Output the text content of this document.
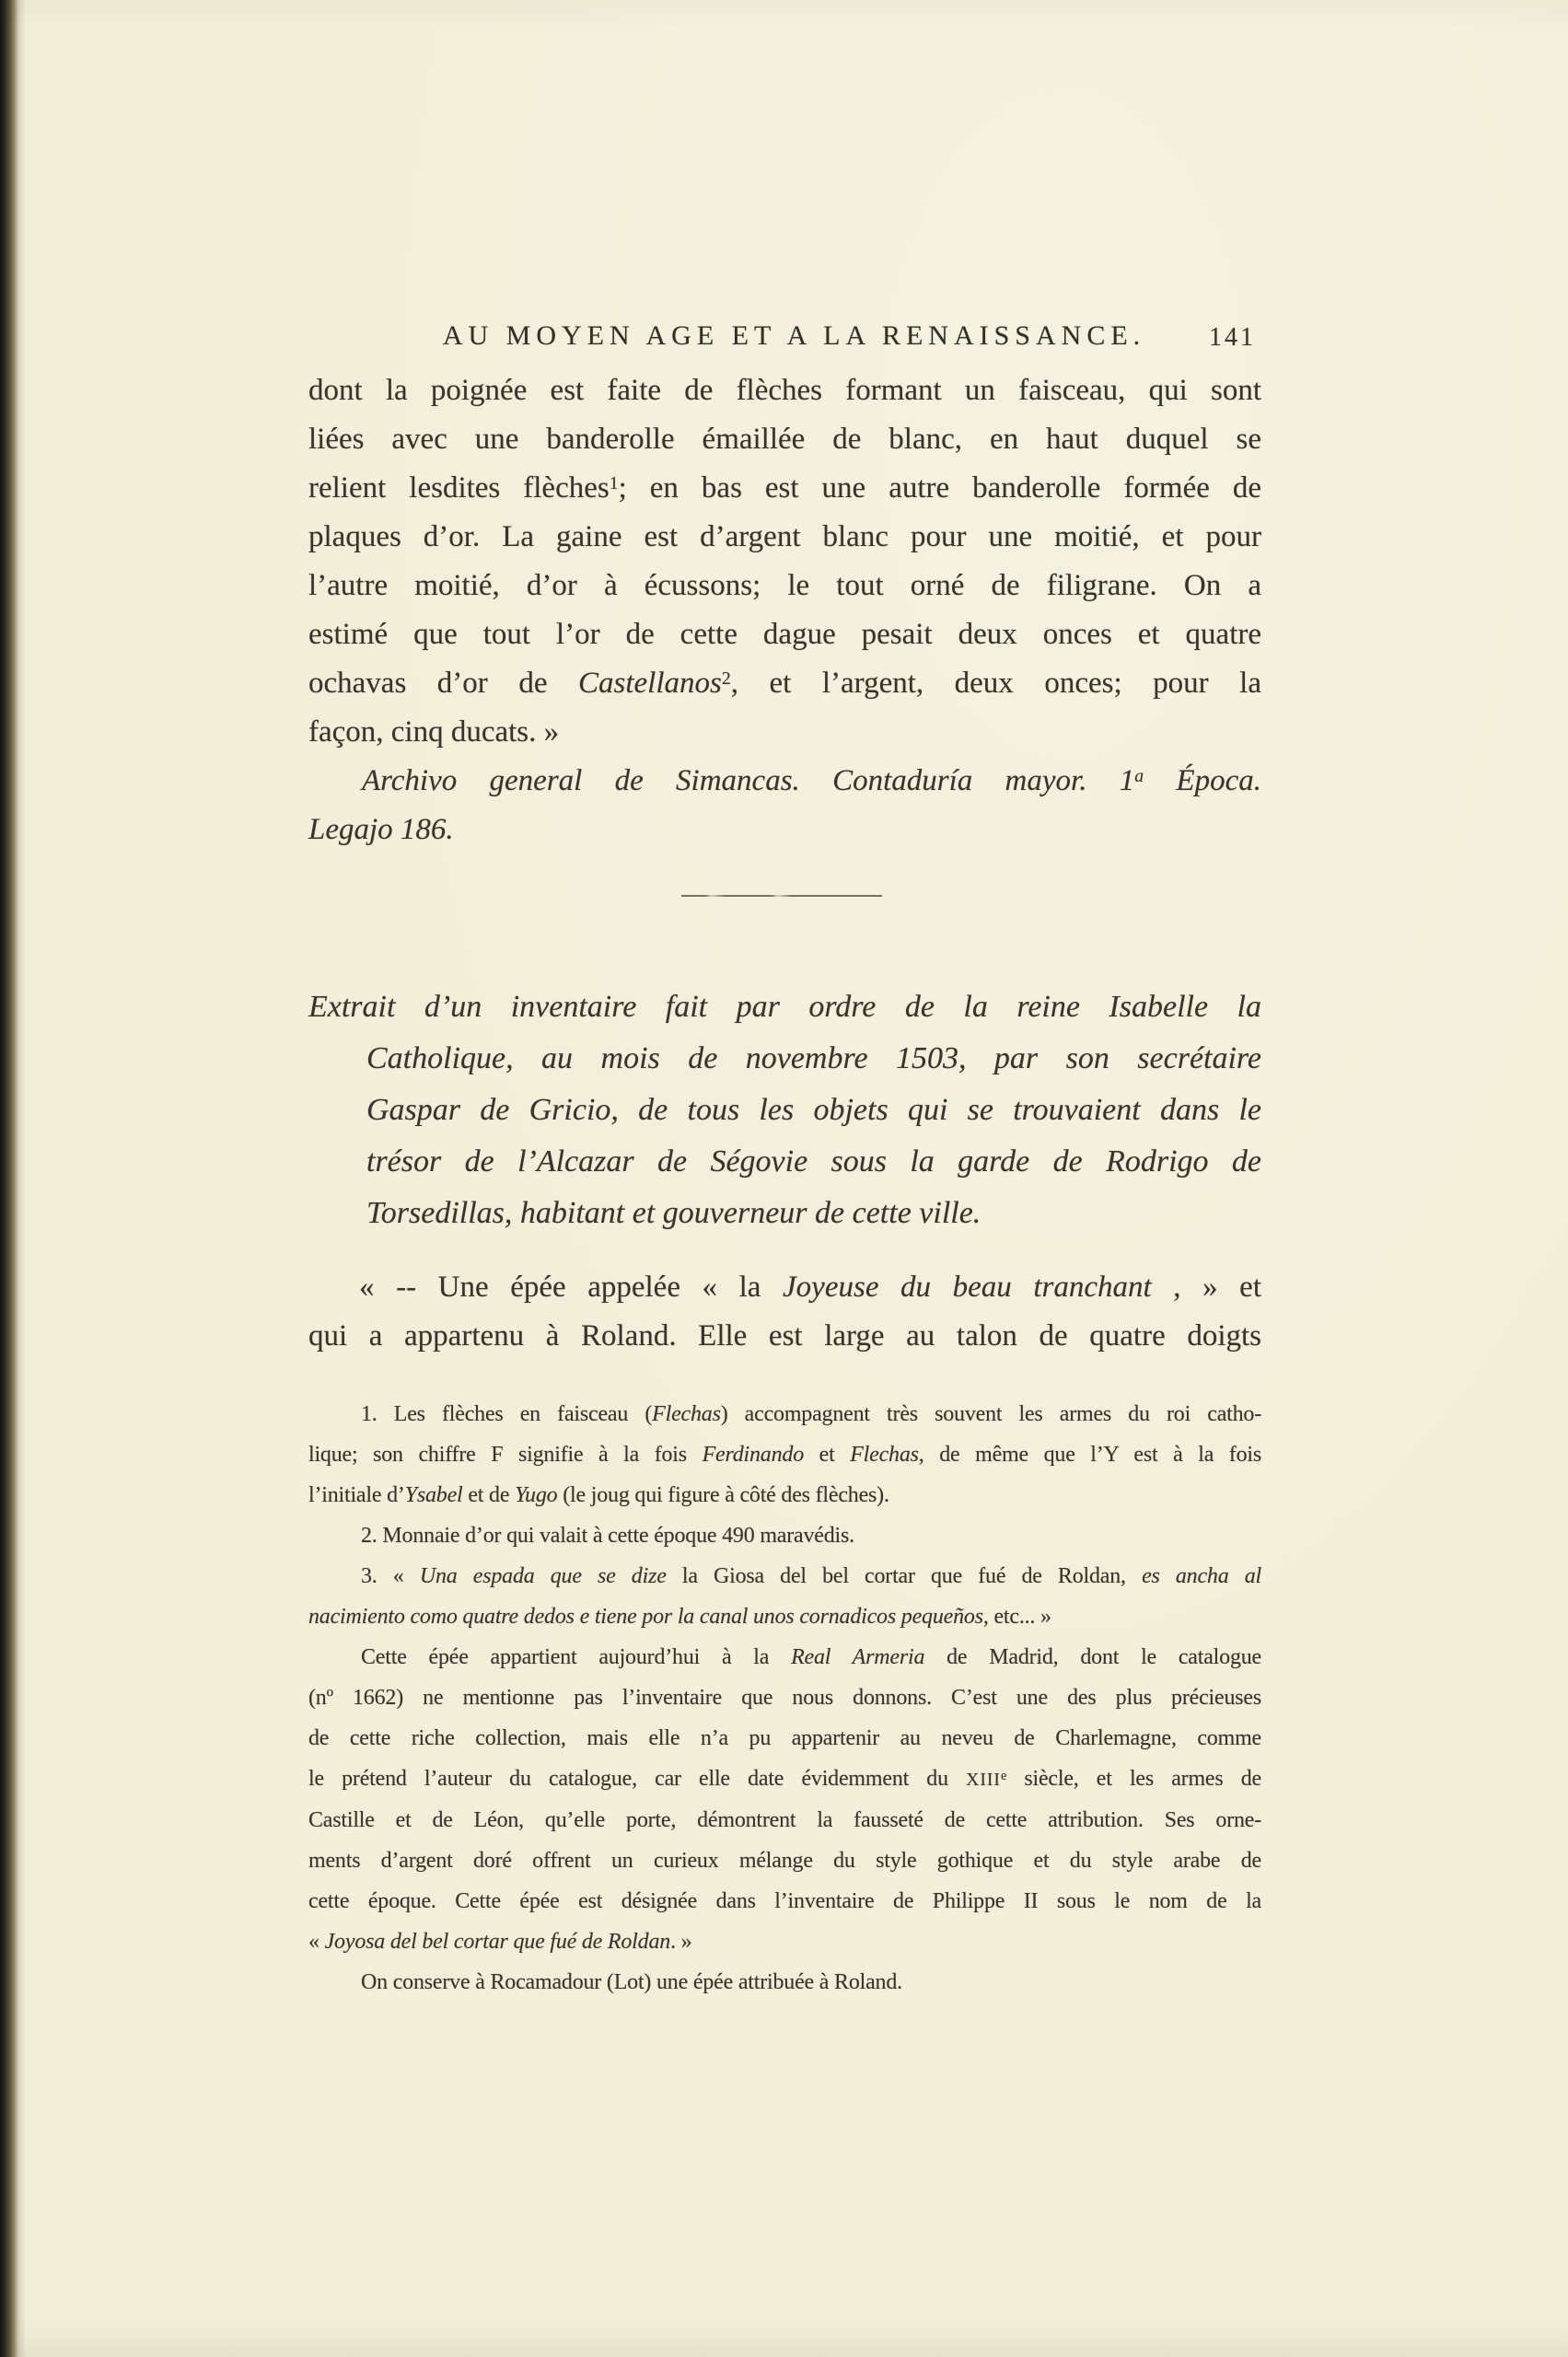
AU MOYEN AGE ET A LA RENAISSANCE. 141
dont la poignée est faite de flèches formant un faisceau, qui sont
liées avec une banderolle émaillée de blanc, en haut duquel se
relient lesdites flèches$^1$; en bas est une autre banderolle formée de
plaques d’or. La gaine est d’argent blanc pour une moitié, et pour
l’autre moitié, d’or à écussons; le tout orné de filigrane. On a
estimé que tout l’or de cette dague pesait deux onces et quatre
ochavas d’or de Castellanos$^2$, et l’argent, deux onces; pour la
façon, cinq ducats. »
Archivo general de Simancas. Contaduría mayor. 1$^a$ Época.
Legajo 186.
Extrait d’un inventaire fait par ordre de la reine Isabelle la
Catholique, au mois de novembre 1503, par son secrétaire
Gaspar de Gricio, de tous les objets qui se trouvaient dans le
trésor de l’Alcazar de Ségovie sous la garde de Rodrigo de
Torsedillas, habitant et gouverneur de cette ville.
« -- Une épée appelée « la Joyeuse du beau tranchant , » et
qui a appartenu à Roland. Elle est large au talon de quatre doigts
1. Les flèches en faisceau (Flechas) accompagnent très souvent les armes du roi catho-
lique; son chiffre F signifie à la fois Ferdinando et Flechas, de même que l’Y est à la fois
l’initiale d’Ysabel et de Yugo (le joug qui figure à côté des flèches).
2. Monnaie d’or qui valait à cette époque 490 maravédis.
3. « Una espada que se dize la Giosa del bel cortar que fué de Roldan, es ancha al
nacimiento como quatre dedos e tiene por la canal unos cornadicos pequeños, etc... »
Cette épée appartient aujourd’hui à la Real Armeria de Madrid, dont le catalogue
(nº 1662) ne mentionne pas l’inventaire que nous donnons. C’est une des plus précieuses
de cette riche collection, mais elle n’a pu appartenir au neveu de Charlemagne, comme
le prétend l’auteur du catalogue, car elle date évidemment du XIIIe siècle, et les armes de
Castille et de Léon, qu’elle porte, démontrent la fausseté de cette attribution. Ses orne-
ments d’argent doré offrent un curieux mélange du style gothique et du style arabe de
cette époque. Cette épée est désignée dans l’inventaire de Philippe II sous le nom de la
« Joyosa del bel cortar que fué de Roldan. »
On conserve à Rocamadour (Lot) une épée attribuée à Roland.
